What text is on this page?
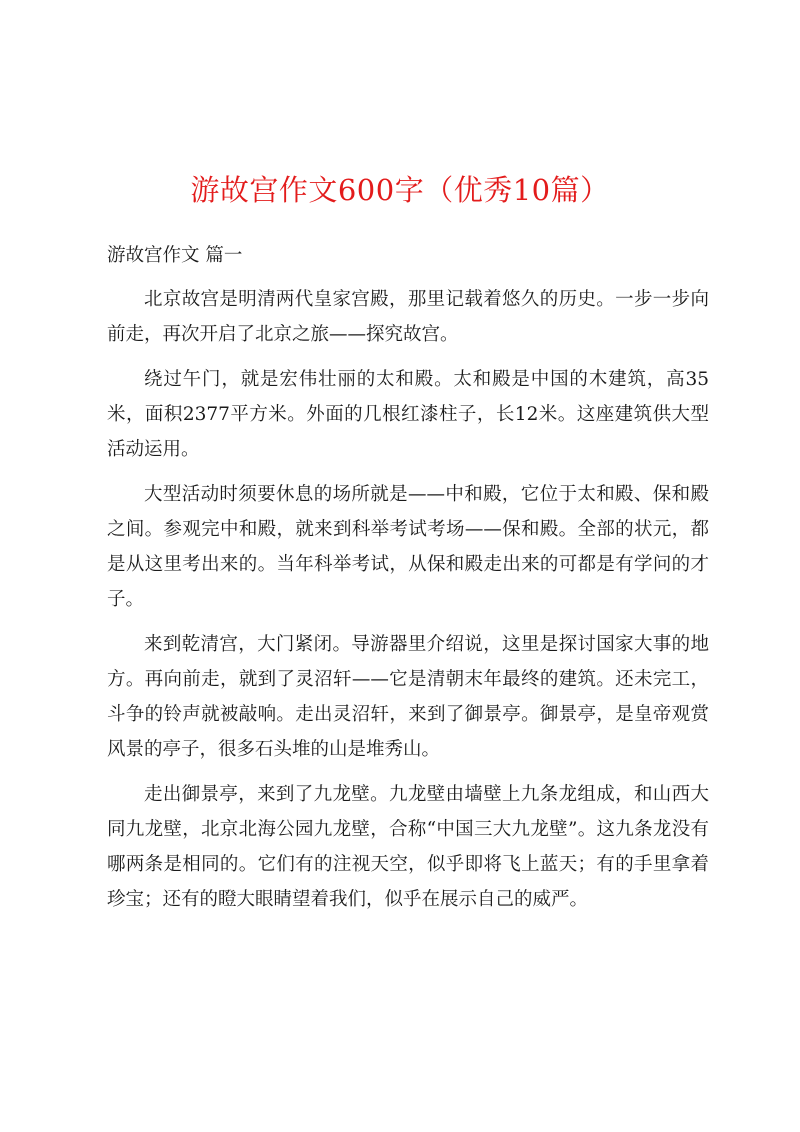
游故宫作文600字（优秀10篇）
游故宫作文 篇一

北京故宫是明清两代皇家宫殿，那里记载着悠久的历史。一步一步向前走，再次开启了北京之旅——探究故宫。

绕过午门，就是宏伟壮丽的太和殿。太和殿是中国的木建筑，高35米，面积2377平方米。外面的几根红漆柱子，长12米。这座建筑供大型活动运用。

大型活动时须要休息的场所就是——中和殿，它位于太和殿、保和殿之间。参观完中和殿，就来到科举考试考场——保和殿。全部的状元，都是从这里考出来的。当年科举考试，从保和殿走出来的可都是有学问的才子。

来到乾清宫，大门紧闭。导游器里介绍说，这里是探讨国家大事的地方。再向前走，就到了灵沼轩——它是清朝末年最终的建筑。还未完工，斗争的铃声就被敲响。走出灵沼轩，来到了御景亭。御景亭，是皇帝观赏风景的亭子，很多石头堆的山是堆秀山。

走出御景亭，来到了九龙壁。九龙壁由墙壁上九条龙组成，和山西大同九龙壁，北京北海公园九龙壁，合称“中国三大九龙壁”。这九条龙没有哪两条是相同的。它们有的注视天空，似乎即将飞上蓝天；有的手里拿着珍宝；还有的瞪大眼睛望着我们，似乎在展示自己的威严。
